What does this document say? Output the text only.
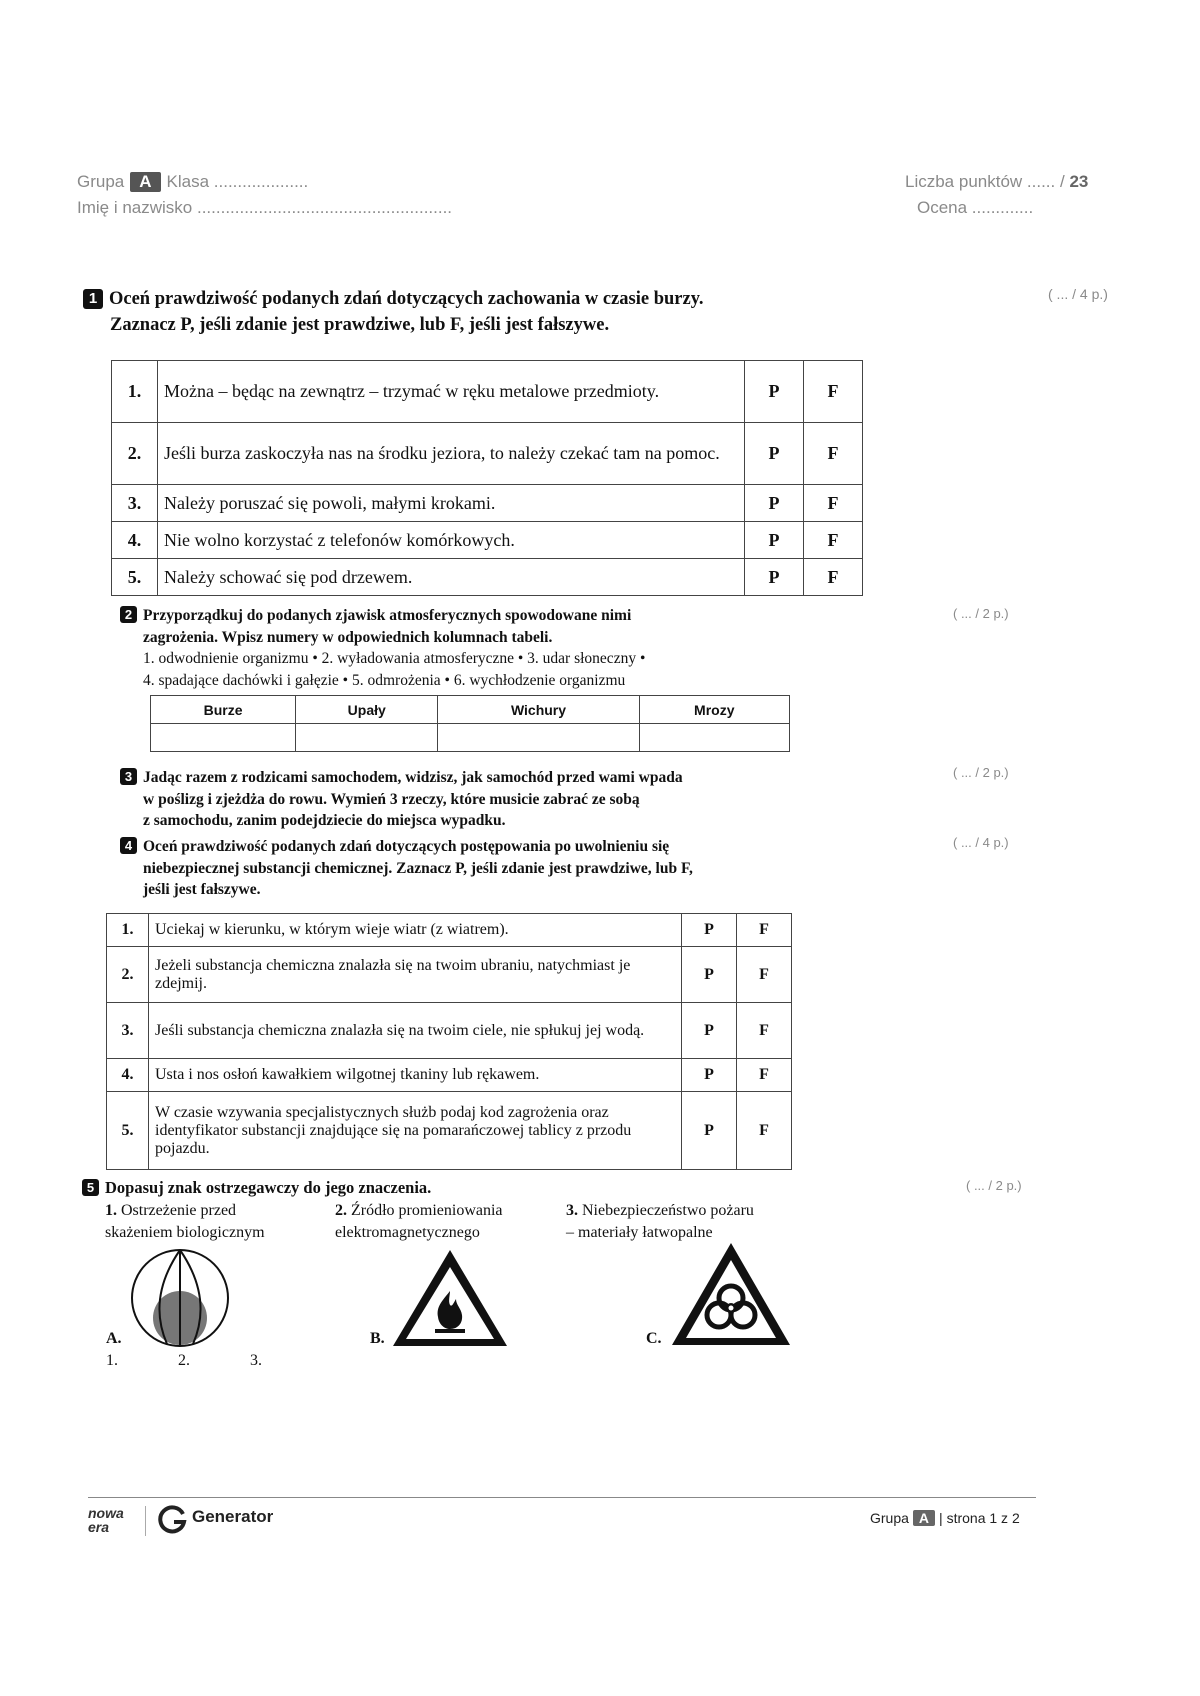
Grupa A Klasa ....................
Imię i nazwisko ......................................................
Liczba punktów ...... / 23
Ocena .............
1 Oceń prawdziwość podanych zdań dotyczących zachowania w czasie burzy.
Zaznacz P, jeśli zdanie jest prawdziwe, lub F, jeśli jest fałszywe.
( ... / 4 p.)
1.	Można – będąc na zewnątrz – trzymać w ręku metalowe przedmioty.	P	F
2.	Jeśli burza zaskoczyła nas na środku jeziora, to należy czekać tam na pomoc.	P	F
3.	Należy poruszać się powoli, małymi krokami.	P	F
4.	Nie wolno korzystać z telefonów komórkowych.	P	F
5.	Należy schować się pod drzewem.	P	F
2 Przyporządkuj do podanych zjawisk atmosferycznych spowodowane nimi
zagrożenia. Wpisz numery w odpowiednich kolumnach tabeli.
1. odwodnienie organizmu • 2. wyładowania atmosferyczne • 3. udar słoneczny •
4. spadające dachówki i gałęzie • 5. odmrożenia • 6. wychłodzenie organizmu
( ... / 2 p.)
Burze	Upały	Wichury	Mrozy

3 Jadąc razem z rodzicami samochodem, widzisz, jak samochód przed wami wpada
w poślizg i zjeżdża do rowu. Wymień 3 rzeczy, które musicie zabrać ze sobą
z samochodu, zanim podejdziecie do miejsca wypadku.
( ... / 2 p.)
4 Oceń prawdziwość podanych zdań dotyczących postępowania po uwolnieniu się
niebezpiecznej substancji chemicznej. Zaznacz P, jeśli zdanie jest prawdziwe, lub F,
jeśli jest fałszywe.
( ... / 4 p.)
1.	Uciekaj w kierunku, w którym wieje wiatr (z wiatrem).	P	F
2.	Jeżeli substancja chemiczna znalazła się na twoim ubraniu, natychmiast je zdejmij.	P	F
3.	Jeśli substancja chemiczna znalazła się na twoim ciele, nie spłukuj jej wodą.	P	F
4.	Usta i nos osłoń kawałkiem wilgotnej tkaniny lub rękawem.	P	F
5.	W czasie wzywania specjalistycznych służb podaj kod zagrożenia oraz identyfikator substancji znajdujące się na pomarańczowej tablicy z przodu pojazdu.	P	F
5 Dopasuj znak ostrzegawczy do jego znaczenia.	( ... / 2 p.)
1. Ostrzeżenie przed
skażeniem biologicznym
2. Źródło promieniowania
elektromagnetycznego
3. Niebezpieczeństwo pożaru
– materiały łatwopalne
A.	B.	C.
1.	2.	3.
nowa era
Generator	Grupa A | strona 1 z 2
